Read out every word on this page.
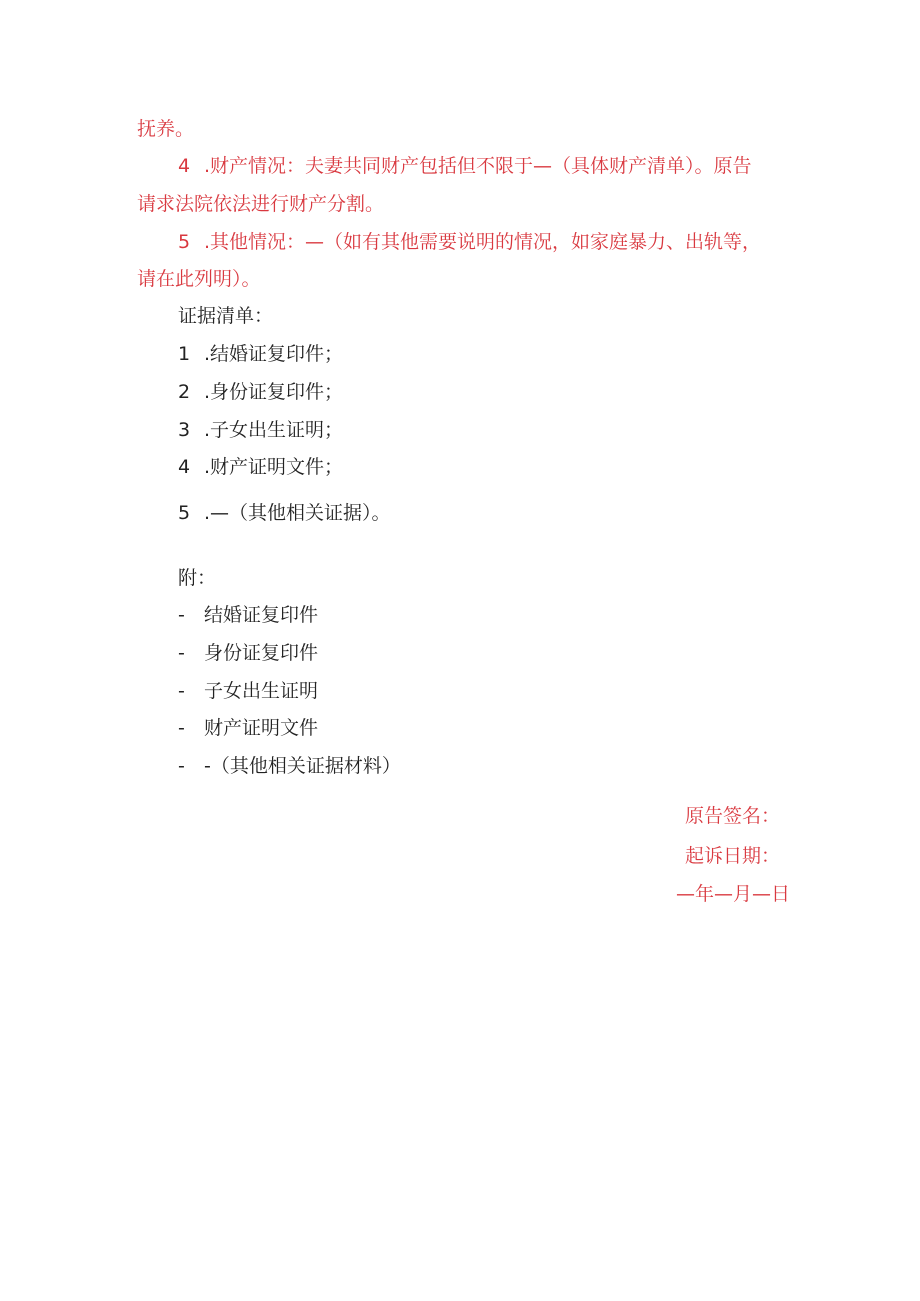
抚养。
4 .财产情况：夫妻共同财产包括但不限于—（具体财产清单）。原告
请求法院依法进行财产分割。
5 .其他情况：—（如有其他需要说明的情况，如家庭暴力、出轨等，
请在此列明）。
证据清单：
1 .结婚证复印件；
2 .身份证复印件；
3 .子女出生证明；
4 .财产证明文件；
5 .—（其他相关证据）。
附：
- 结婚证复印件
- 身份证复印件
- 子女出生证明
- 财产证明文件
- -（其他相关证据材料）
原告签名：
起诉日期：
—年—月—日
